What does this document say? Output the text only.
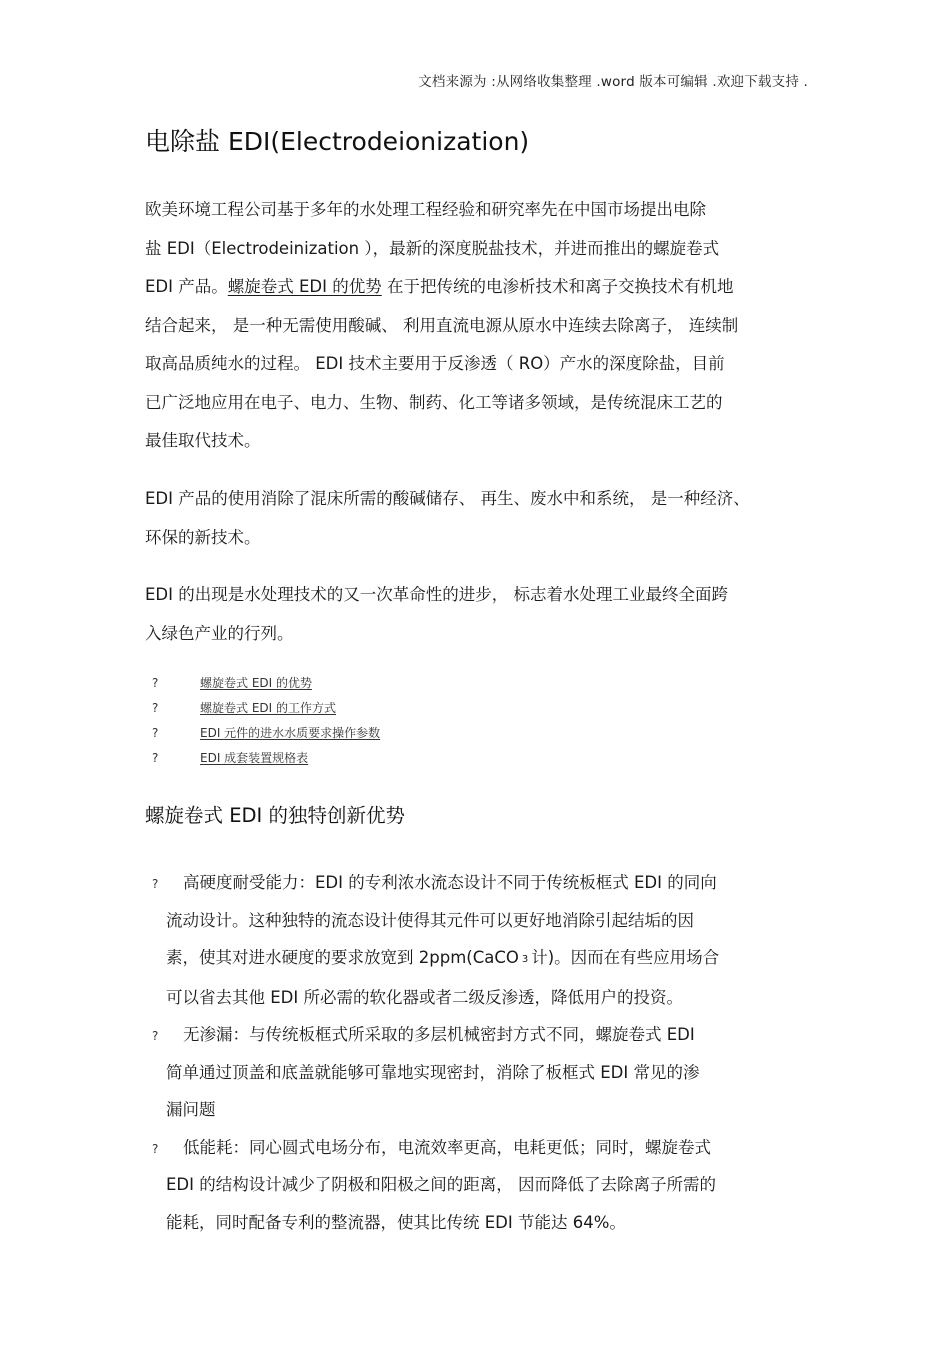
文档来源为 :从网络收集整理 .word 版本可编辑 .欢迎下载支持 .
电除盐 EDI(Electrodeionization)

欧美环境工程公司基于多年的水处理工程经验和研究率先在中国市场提出电除
盐 EDI（Electrodeinization ），最新的深度脱盐技术，并进而推出的螺旋卷式
EDI 产品。螺旋卷式 EDI 的优势 在于把传统的电渗析技术和离子交换技术有机地
结合起来， 是一种无需使用酸碱、 利用直流电源从原水中连续去除离子， 连续制
取高品质纯水的过程。 EDI 技术主要用于反渗透（ RO）产水的深度除盐，目前
已广泛地应用在电子、电力、生物、制药、化工等诸多领域，是传统混床工艺的
最佳取代技术。

EDI 产品的使用消除了混床所需的酸碱储存、 再生、废水中和系统， 是一种经济、
环保的新技术。

EDI 的出现是水处理技术的又一次革命性的进步， 标志着水处理工业最终全面跨
入绿色产业的行列。

?	螺旋卷式 EDI 的优势
?	螺旋卷式 EDI 的工作方式
?	EDI 元件的进水水质要求操作参数
?	EDI 成套装置规格表
螺旋卷式 EDI 的独特创新优势
? 高硬度耐受能力：EDI 的专利浓水流态设计不同于传统板框式 EDI 的同向
流动设计。这种独特的流态设计使得其元件可以更好地消除引起结垢的因
素，使其对进水硬度的要求放宽到 2ppm(CaCO 3 计)。因而在有些应用场合
可以省去其他 EDI 所必需的软化器或者二级反渗透，降低用户的投资。
? 无渗漏：与传统板框式所采取的多层机械密封方式不同，螺旋卷式 EDI
简单通过顶盖和底盖就能够可靠地实现密封，消除了板框式 EDI 常见的渗
漏问题
? 低能耗：同心圆式电场分布，电流效率更高，电耗更低；同时，螺旋卷式
EDI 的结构设计减少了阴极和阳极之间的距离， 因而降低了去除离子所需的
能耗，同时配备专利的整流器，使其比传统 EDI 节能达 64%。
